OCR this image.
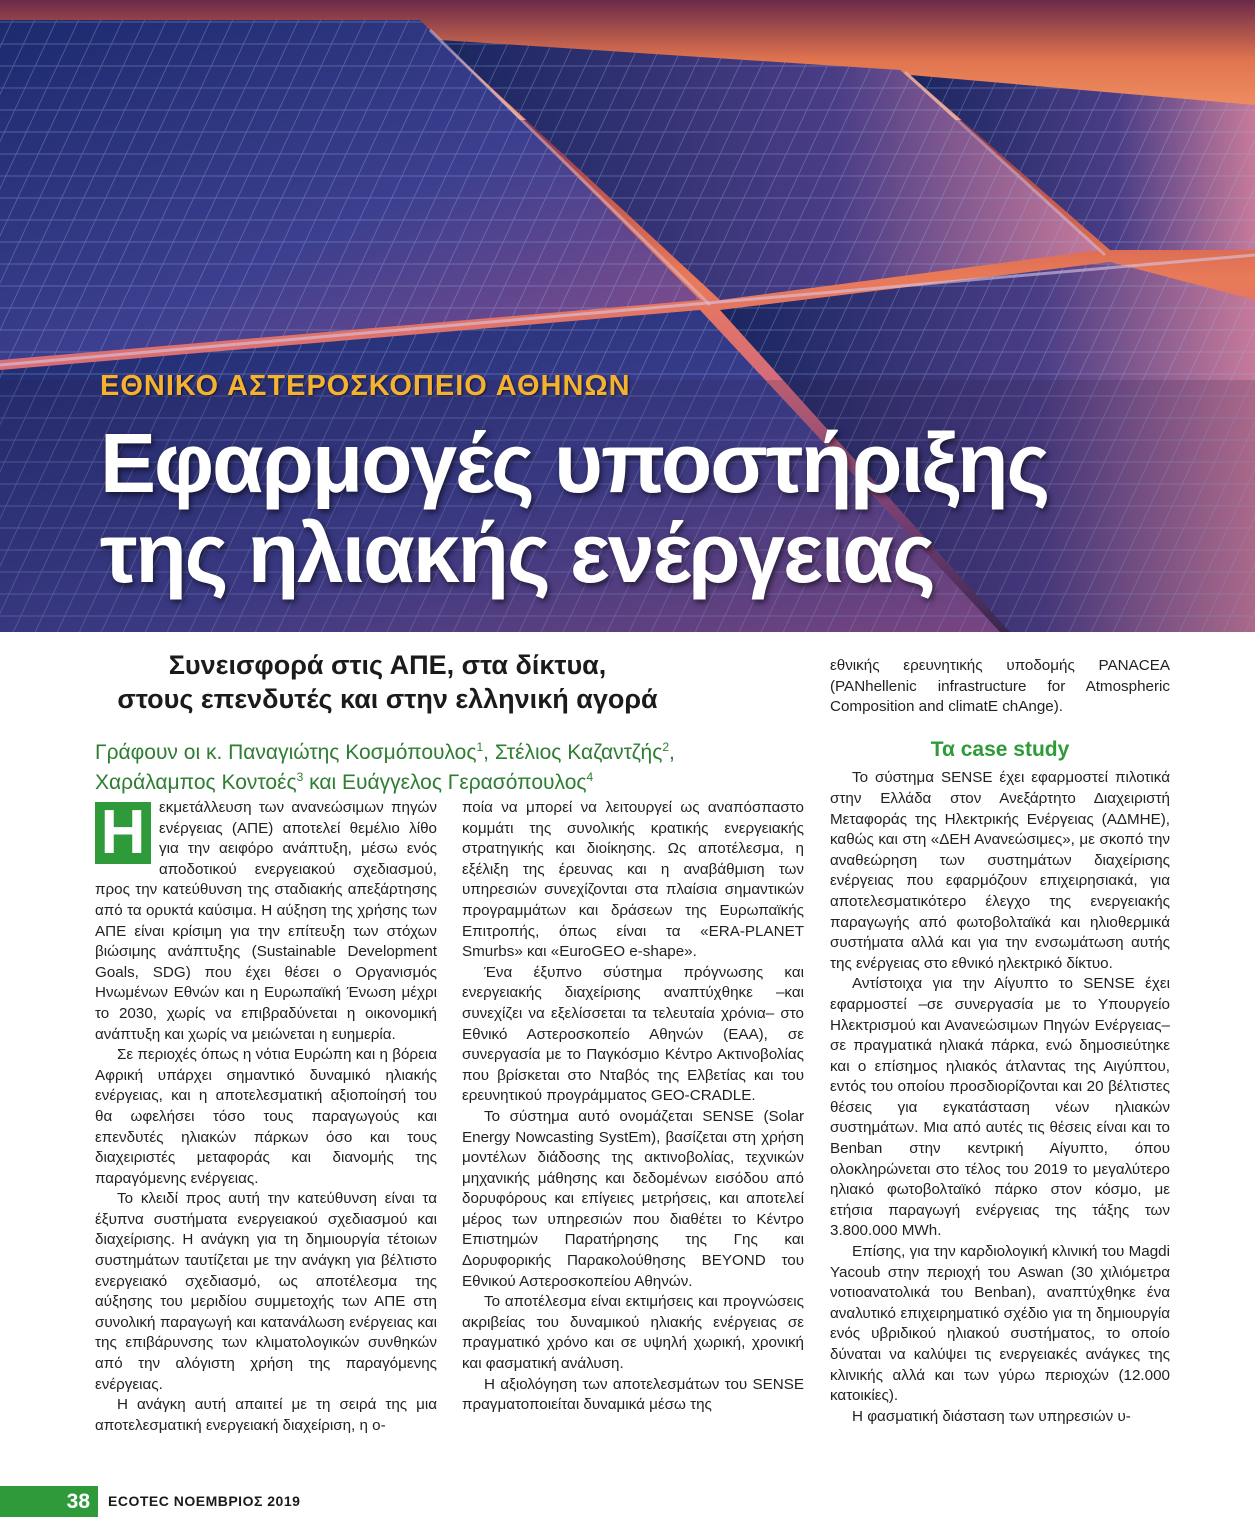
ΕΘΝΙΚΟ ΑΣΤΕΡΟΣΚΟΠΕΙΟ ΑΘΗΝΩΝ
Εφαρμογές υποστήριξης
της ηλιακής ενέργειας
Συνεισφορά στις ΑΠΕ, στα δίκτυα,
στους επενδυτές και στην ελληνική αγορά
Γράφουν οι κ. Παναγιώτης Κοσμόπουλος$^1$, Στέλιος Καζαντζής$^2$, Χαράλαμπος Κοντοές$^3$ και Ευάγγελος Γερασόπουλος$^4$

Η εκμετάλλευση των ανανεώσιμων πηγών ενέργειας (ΑΠΕ) αποτελεί θεμέλιο λίθο για την αειφόρο ανάπτυξη, μέσω ενός αποδοτικού ενεργειακού σχεδιασμού, προς την κατεύθυνση της σταδιακής απεξάρτησης από τα ορυκτά καύσιμα. Η αύξηση της χρήσης των ΑΠΕ είναι κρίσιμη για την επίτευξη των στόχων βιώσιμης ανάπτυξης (Sustainable Development Goals, SDG) που έχει θέσει ο Οργανισμός Ηνωμένων Εθνών και η Ευρωπαϊκή Ένωση μέχρι το 2030, χωρίς να επιβραδύνεται η οικονομική ανάπτυξη και χωρίς να μειώνεται η ευημερία.

Σε περιοχές όπως η νότια Ευρώπη και η βόρεια Αφρική υπάρχει σημαντικό δυναμικό ηλιακής ενέργειας, και η αποτελεσματική αξιοποίησή του θα ωφελήσει τόσο τους παραγωγούς και επενδυτές ηλιακών πάρκων όσο και τους διαχειριστές μεταφοράς και διανομής της παραγόμενης ενέργειας.

Το κλειδί προς αυτή την κατεύθυνση είναι τα έξυπνα συστήματα ενεργειακού σχεδιασμού και διαχείρισης. Η ανάγκη για τη δημιουργία τέτοιων συστημάτων ταυτίζεται με την ανάγκη για βέλτιστο ενεργειακό σχεδιασμό, ως αποτέλεσμα της αύξησης του μεριδίου συμμετοχής των ΑΠΕ στη συνολική παραγωγή και κατανάλωση ενέργειας και της επιβάρυνσης των κλιματολογικών συνθηκών από την αλόγιστη χρήση της παραγόμενης ενέργειας.

Η ανάγκη αυτή απαιτεί με τη σειρά της μια αποτελεσματική ενεργειακή διαχείριση, η ο-

ποία να μπορεί να λειτουργεί ως αναπόσπαστο κομμάτι της συνολικής κρατικής ενεργειακής στρατηγικής και διοίκησης. Ως αποτέλεσμα, η εξέλιξη της έρευνας και η αναβάθμιση των υπηρεσιών συνεχίζονται στα πλαίσια σημαντικών προγραμμάτων και δράσεων της Ευρωπαϊκής Επιτροπής, όπως είναι τα «ERA-PLANET Smurbs» και «EuroGEO e-shape».

Ένα έξυπνο σύστημα πρόγνωσης και ενεργειακής διαχείρισης αναπτύχθηκε –και συνεχίζει να εξελίσσεται τα τελευταία χρόνια– στο Εθνικό Αστεροσκοπείο Αθηνών (ΕΑΑ), σε συνεργασία με το Παγκόσμιο Κέντρο Ακτινοβολίας που βρίσκεται στο Νταβός της Ελβετίας και του ερευνητικού προγράμματος GEO-CRADLE.

Το σύστημα αυτό ονομάζεται SENSE (Solar Energy Nowcasting SystEm), βασίζεται στη χρήση μοντέλων διάδοσης της ακτινοβολίας, τεχνικών μηχανικής μάθησης και δεδομένων εισόδου από δορυφόρους και επίγειες μετρήσεις, και αποτελεί μέρος των υπηρεσιών που διαθέτει το Κέντρο Επιστημών Παρατήρησης της Γης και Δορυφορικής Παρακολούθησης BEYOND του Εθνικού Αστεροσκοπείου Αθηνών.

Το αποτέλεσμα είναι εκτιμήσεις και προγνώσεις ακριβείας του δυναμικού ηλιακής ενέργειας σε πραγματικό χρόνο και σε υψηλή χωρική, χρονική και φασματική ανάλυση.

Η αξιολόγηση των αποτελεσμάτων του SENSE πραγματοποιείται δυναμικά μέσω της

εθνικής ερευνητικής υποδομής PANACEA (PANhellenic infrastructure for Atmospheric Composition and climatE chAnge).

Τα case study

Το σύστημα SENSE έχει εφαρμοστεί πιλοτικά στην Ελλάδα στον Ανεξάρτητο Διαχειριστή Μεταφοράς της Ηλεκτρικής Ενέργειας (ΑΔΜΗΕ), καθώς και στη «ΔΕΗ Ανανεώσιμες», με σκοπό την αναθεώρηση των συστημάτων διαχείρισης ενέργειας που εφαρμόζουν επιχειρησιακά, για αποτελεσματικότερο έλεγχο της ενεργειακής παραγωγής από φωτοβολταϊκά και ηλιοθερμικά συστήματα αλλά και για την ενσωμάτωση αυτής της ενέργειας στο εθνικό ηλεκτρικό δίκτυο.

Αντίστοιχα για την Αίγυπτο το SENSE έχει εφαρμοστεί –σε συνεργασία με το Υπουργείο Ηλεκτρισμού και Ανανεώσιμων Πηγών Ενέργειας– σε πραγματικά ηλιακά πάρκα, ενώ δημοσιεύτηκε και ο επίσημος ηλιακός άτλαντας της Αιγύπτου, εντός του οποίου προσδιορίζονται και 20 βέλτιστες θέσεις για εγκατάσταση νέων ηλιακών συστημάτων. Μια από αυτές τις θέσεις είναι και το Benban στην κεντρική Αίγυπτο, όπου ολοκληρώνεται στο τέλος του 2019 το μεγαλύτερο ηλιακό φωτοβολταϊκό πάρκο στον κόσμο, με ετήσια παραγωγή ενέργειας της τάξης των 3.800.000 MWh.

Επίσης, για την καρδιολογική κλινική του Magdi Yacoub στην περιοχή του Aswan (30 χιλιόμετρα νοτιοανατολικά του Benban), αναπτύχθηκε ένα αναλυτικό επιχειρηματικό σχέδιο για τη δημιουργία ενός υβριδικού ηλιακού συστήματος, το οποίο δύναται να καλύψει τις ενεργειακές ανάγκες της κλινικής αλλά και των γύρω περιοχών (12.000 κατοικίες).

Η φασματική διάσταση των υπηρεσιών υ-

38	ECOTEC ΝΟΕΜΒΡΙΟΣ 2019
